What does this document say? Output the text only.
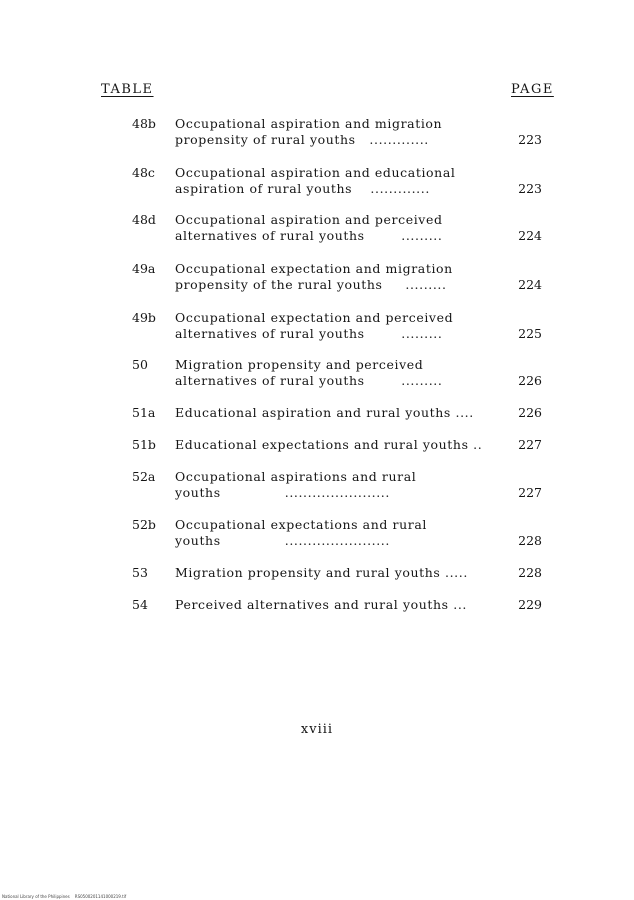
TABLE	PAGE
48b Occupational aspiration and migration
propensity of rural youths   .............	223
48c Occupational aspiration and educational
aspiration of rural youths    .............	223
48d Occupational aspiration and perceived
alternatives of rural youths        .........	224
49a Occupational expectation and migration
propensity of the rural youths     .........	224
49b Occupational expectation and perceived
alternatives of rural youths        .........	225
50 Migration propensity and perceived
alternatives of rural youths        .........	226
51a Educational aspiration and rural youths ....	226
51b Educational expectations and rural youths ..	227
52a Occupational aspirations and rural
youths              .......................	227
52b Occupational expectations and rural
youths              .......................	228
53 Migration propensity and rural youths .....	228
54 Perceived alternatives and rural youths ...	229
xviii
National Library of the Philippines    RS0500201141000219.tif
